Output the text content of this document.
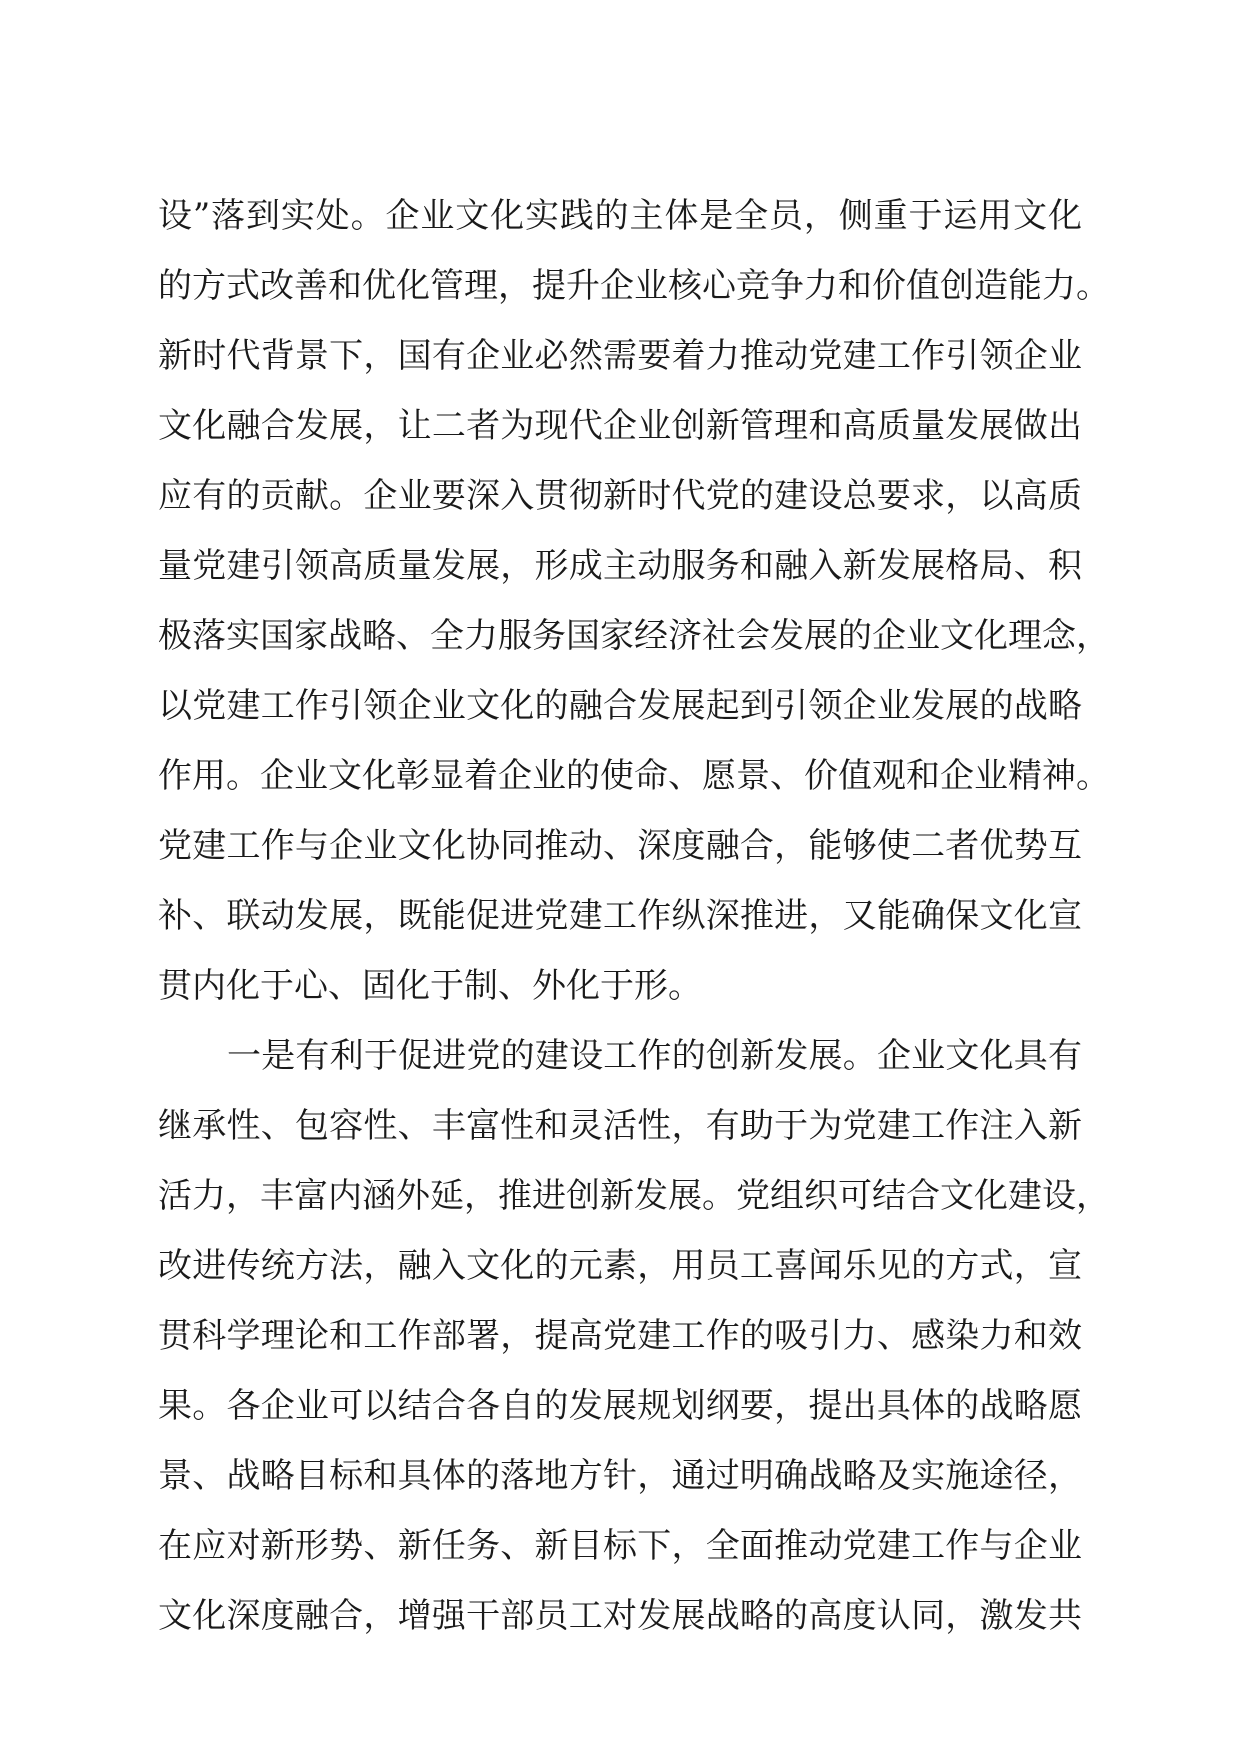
设”落到实处。企业文化实践的主体是全员，侧重于运用文化
的方式改善和优化管理，提升企业核心竞争力和价值创造能力。
新时代背景下，国有企业必然需要着力推动党建工作引领企业
文化融合发展，让二者为现代企业创新管理和高质量发展做出
应有的贡献。企业要深入贯彻新时代党的建设总要求，以高质
量党建引领高质量发展，形成主动服务和融入新发展格局、积
极落实国家战略、全力服务国家经济社会发展的企业文化理念，
以党建工作引领企业文化的融合发展起到引领企业发展的战略
作用。企业文化彰显着企业的使命、愿景、价值观和企业精神。
党建工作与企业文化协同推动、深度融合，能够使二者优势互
补、联动发展，既能促进党建工作纵深推进，又能确保文化宣
贯内化于心、固化于制、外化于形。
一是有利于促进党的建设工作的创新发展。企业文化具有
继承性、包容性、丰富性和灵活性，有助于为党建工作注入新
活力，丰富内涵外延，推进创新发展。党组织可结合文化建设，
改进传统方法，融入文化的元素，用员工喜闻乐见的方式，宣
贯科学理论和工作部署，提高党建工作的吸引力、感染力和效
果。各企业可以结合各自的发展规划纲要，提出具体的战略愿
景、战略目标和具体的落地方针，通过明确战略及实施途径，
在应对新形势、新任务、新目标下，全面推动党建工作与企业
文化深度融合，增强干部员工对发展战略的高度认同，激发共
